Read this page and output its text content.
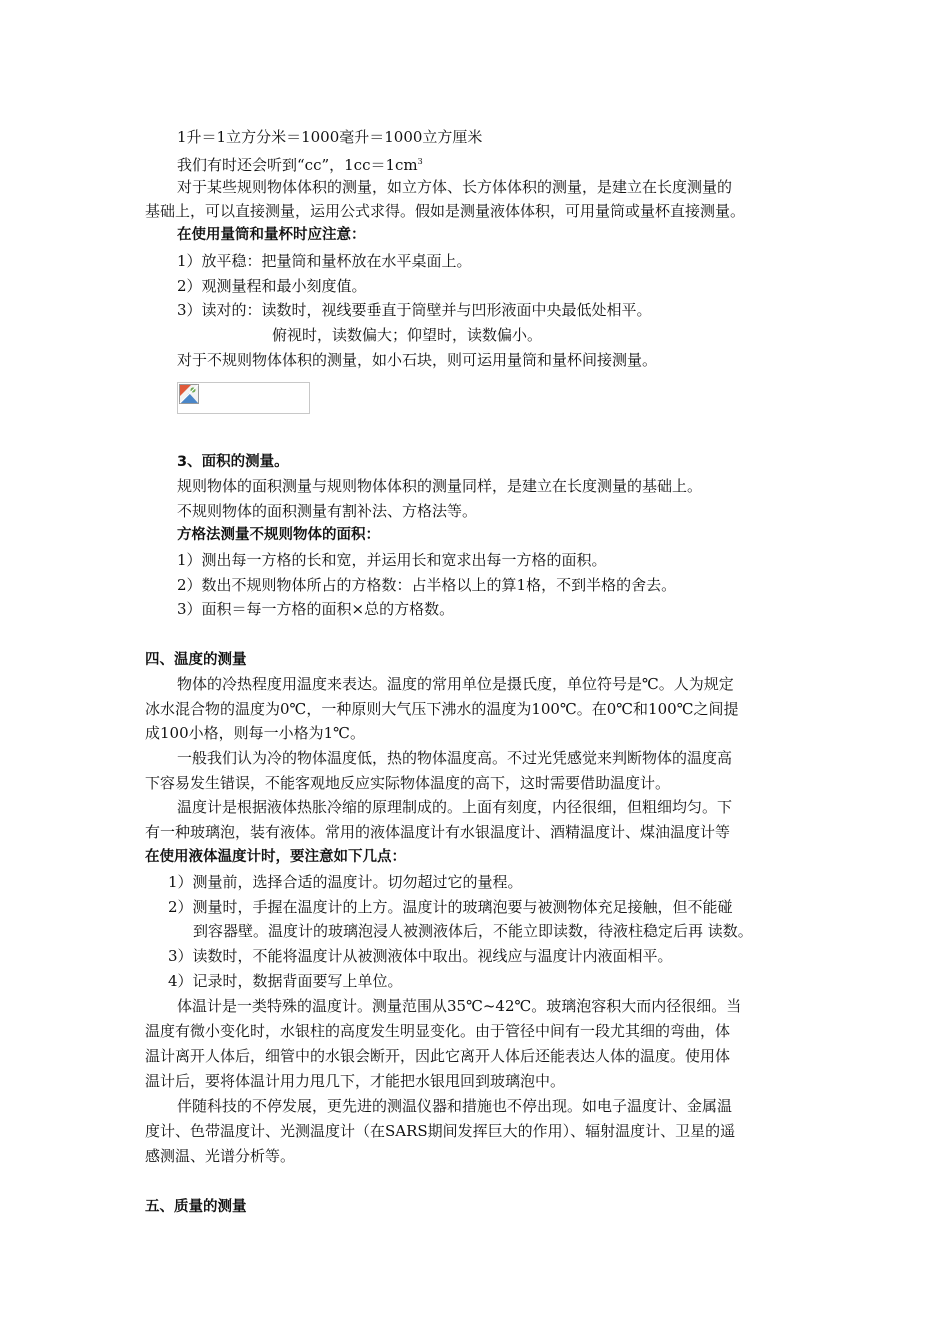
1升＝1立方分米＝1000毫升＝1000立方厘米
我们有时还会听到“cc”，$1cc=1cm^3$
对于某些规则物体体积的测量，如立方体、长方体体积的测量，是建立在长度测量的
基础上，可以直接测量，运用公式求得。假如是测量液体体积，可用量筒或量杯直接测量。
在使用量筒和量杯时应注意：
1）放平稳：把量筒和量杯放在水平桌面上。
2）观测量程和最小刻度值。
3）读对的：读数时，视线要垂直于筒壁并与凹形液面中央最低处相平。
俯视时，读数偏大；仰望时，读数偏小。
对于不规则物体体积的测量，如小石块，则可运用量筒和量杯间接测量。
3、面积的测量。
规则物体的面积测量与规则物体体积的测量同样，是建立在长度测量的基础上。
不规则物体的面积测量有割补法、方格法等。
方格法测量不规则物体的面积：
1）测出每一方格的长和宽，并运用长和宽求出每一方格的面积。
2）数出不规则物体所占的方格数：占半格以上的算1格，不到半格的舍去。
3）面积＝每一方格的面积×总的方格数。
四、温度的测量
物体的冷热程度用温度来表达。温度的常用单位是摄氏度，单位符号是℃。人为规定
冰水混合物的温度为0℃，一种原则大气压下沸水的温度为100℃。在0℃和100℃之间提
成100小格，则每一小格为1℃。
一般我们认为冷的物体温度低，热的物体温度高。不过光凭感觉来判断物体的温度高
下容易发生错误，不能客观地反应实际物体温度的高下，这时需要借助温度计。
温度计是根据液体热胀冷缩的原理制成的。上面有刻度，内径很细，但粗细均匀。下
有一种玻璃泡，装有液体。常用的液体温度计有水银温度计、酒精温度计、煤油温度计等
在使用液体温度计时，要注意如下几点：
1）测量前，选择合适的温度计。切勿超过它的量程。
2）测量时，手握在温度计的上方。温度计的玻璃泡要与被测物体充足接触，但不能碰
到容器壁。温度计的玻璃泡浸人被测液体后，不能立即读数，待液柱稳定后再 读数。
3）读数时，不能将温度计从被测液体中取出。视线应与温度计内液面相平。
4）记录时，数据背面要写上单位。
体温计是一类特殊的温度计。测量范围从35℃~42℃。玻璃泡容积大而内径很细。当
温度有微小变化时，水银柱的高度发生明显变化。由于管径中间有一段尤其细的弯曲，体
温计离开人体后，细管中的水银会断开，因此它离开人体后还能表达人体的温度。使用体
温计后，要将体温计用力甩几下，才能把水银甩回到玻璃泡中。
伴随科技的不停发展，更先进的测温仪器和措施也不停出现。如电子温度计、金属温
度计、色带温度计、光测温度计（在SARS期间发挥巨大的作用）、辐射温度计、卫星的遥
感测温、光谱分析等。
五、质量的测量
